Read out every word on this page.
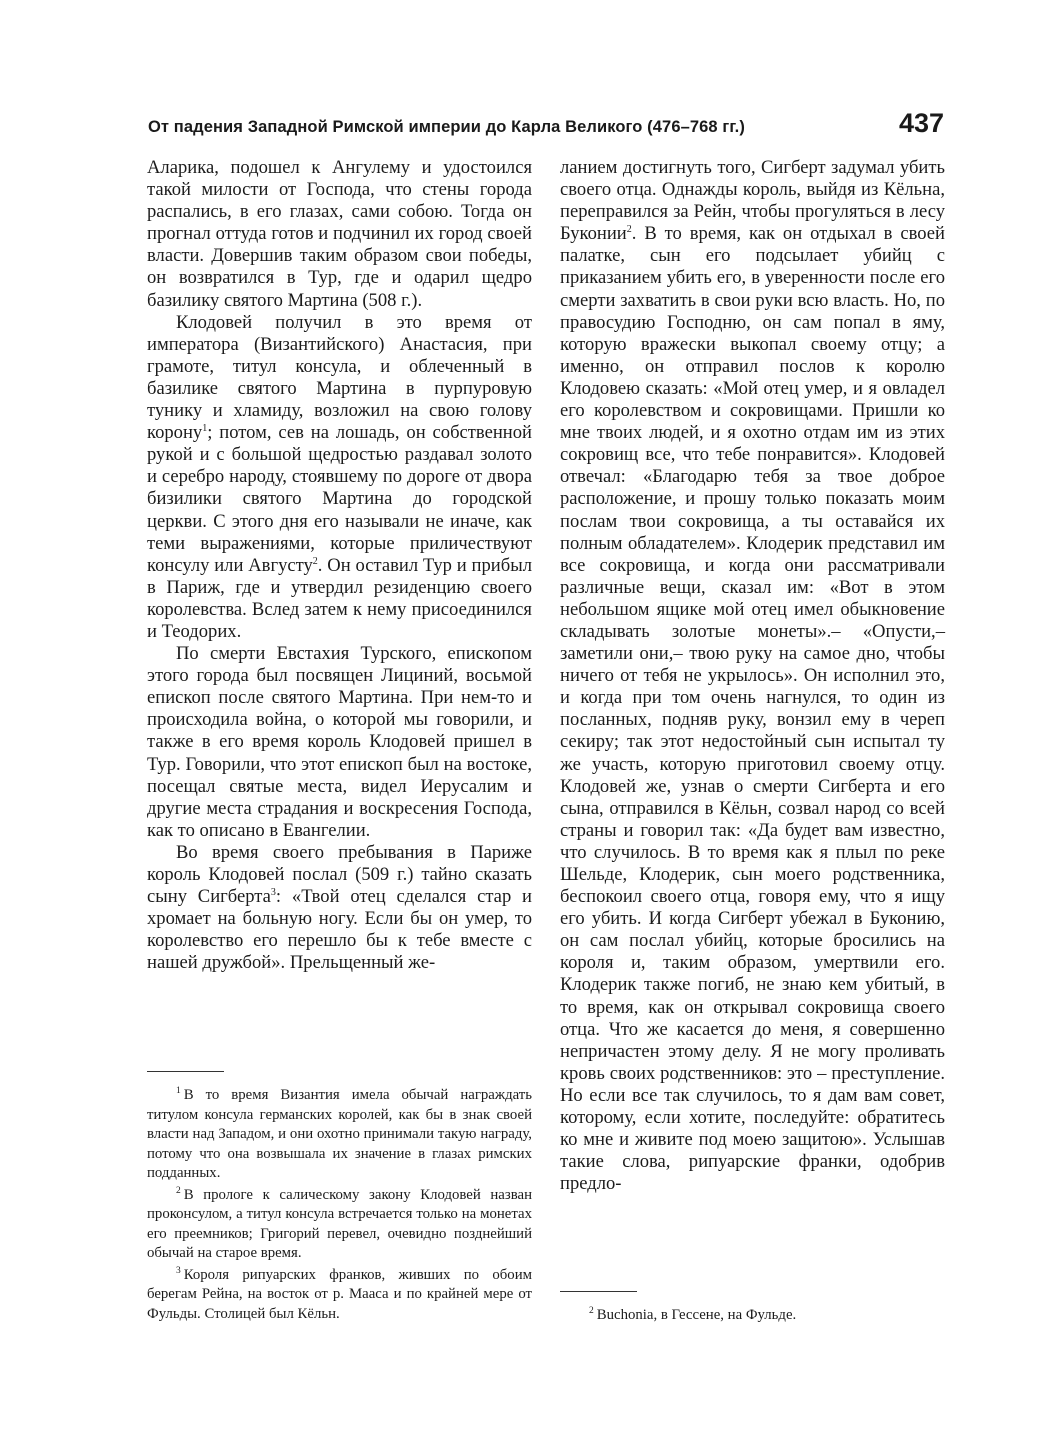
От падения Западной Римской империи до Карла Великого (476–768 гг.)	437

Аларика, подошел к Ангулему и удостоился такой милости от Господа, что стены города распались, в его глазах, сами собою. Тогда он прогнал оттуда готов и подчинил их город своей власти. Довершив таким образом свои победы, он возвратился в Тур, где и одарил щедро базилику святого Мартина (508 г.).

Клодовей получил в это время от императора (Византийского) Анастасия, при грамоте, титул консула, и облеченный в базилике святого Мартина в пурпуровую тунику и хламиду, возложил на свою голову корону$^1$; потом, сев на лошадь, он собственной рукой и с большой щедростью раздавал золото и серебро народу, стоявшему по дороге от двора бизилики святого Мартина до городской церкви. С этого дня его называли не иначе, как теми выражениями, которые приличествуют консулу или Августу$^2$. Он оставил Тур и прибыл в Париж, где и утвердил резиденцию своего королевства. Вслед затем к нему присоединился и Теодорих.

По смерти Евстахия Турского, епископом этого города был посвящен Лициний, восьмой епископ после святого Мартина. При нем-то и происходила война, о которой мы говорили, и также в его время король Клодовей пришел в Тур. Говорили, что этот епископ был на востоке, посещал святые места, видел Иерусалим и другие места страдания и воскресения Господа, как то описано в Евангелии.

Во время своего пребывания в Париже король Клодовей послал (509 г.) тайно сказать сыну Сигберта$^3$: «Твой отец сделался стар и хромает на больную ногу. Если бы он умер, то королевство его перешло бы к тебе вместе с нашей дружбой». Прельщенный же-

ланием достигнуть того, Сигберт задумал убить своего отца. Однажды король, выйдя из Кёльна, переправился за Рейн, чтобы прогуляться в лесу Буконии$^2$. В то время, как он отдыхал в своей палатке, сын его подсылает убийц с приказанием убить его, в уверенности после его смерти захватить в свои руки всю власть. Но, по правосудию Господню, он сам попал в яму, которую вражески выкопал своему отцу; а именно, он отправил послов к королю Клодовею сказать: «Мой отец умер, и я овладел его королевством и сокровищами. Пришли ко мне твоих людей, и я охотно отдам им из этих сокровищ все, что тебе понравится». Клодовей отвечал: «Благодарю тебя за твое доброе расположение, и прошу только показать моим послам твои сокровища, а ты оставайся их полным обладателем». Клодерик представил им все сокровища, и когда они рассматривали различные вещи, сказал им: «Вот в этом небольшом ящике мой отец имел обыкновение складывать золотые монеты».– «Опусти,– заметили они,– твою руку на самое дно, чтобы ничего от тебя не укрылось». Он исполнил это, и когда при том очень нагнулся, то один из посланных, подняв руку, вонзил ему в череп секиру; так этот недостойный сын испытал ту же участь, которую приготовил своему отцу. Клодовей же, узнав о смерти Сигберта и его сына, отправился в Кёльн, созвал народ со всей страны и говорил так: «Да будет вам известно, что случилось. В то время как я плыл по реке Шельде, Клодерик, сын моего родственника, беспокоил своего отца, говоря ему, что я ищу его убить. И когда Сигберт убежал в Буконию, он сам послал убийц, которые бросились на короля и, таким образом, умертвили его. Клодерик также погиб, не знаю кем убитый, в то время, как он открывал сокровища своего отца. Что же касается до меня, я совершенно непричастен этому делу. Я не могу проливать кровь своих родственников: это – преступление. Но если все так случилось, то я дам вам совет, которому, если хотите, последуйте: обратитесь ко мне и живите под моею защитою». Услышав такие слова, рипуарские франки, одобрив предло-

$^1$ В то время Византия имела обычай награждать титулом консула германских королей, как бы в знак своей власти над Западом, и они охотно принимали такую награду, потому что она возвышала их значение в глазах римских подданных.

$^2$ В прологе к салическому закону Клодовей назван проконсулом, а титул консула встречается только на монетах его преемников; Григорий перевел, очевидно позднейший обычай на старое время.

$^3$ Короля рипуарских франков, живших по обоим берегам Рейна, на восток от р. Мааса и по крайней мере от Фульды. Столицей был Кёльн.	$^2$ Buchonia, в Гессене, на Фульде.
